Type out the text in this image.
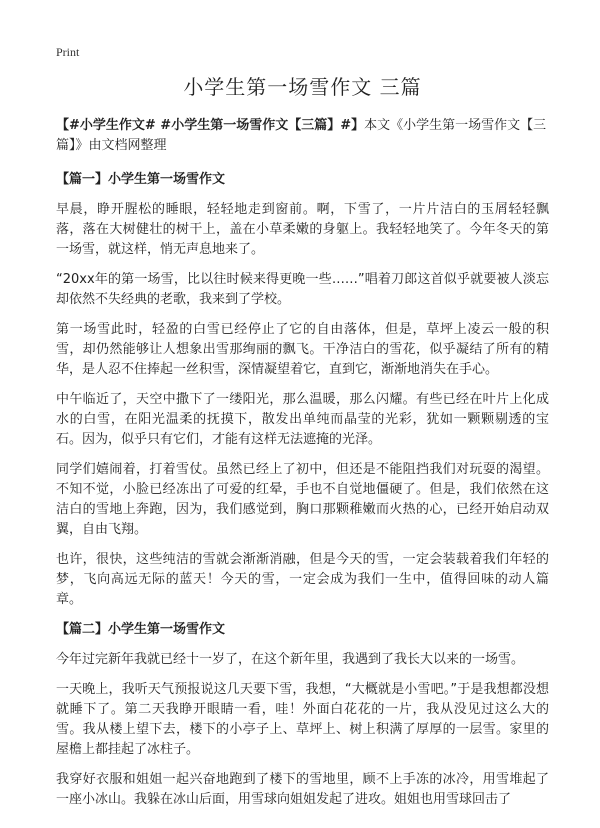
Print
小学生第一场雪作文 三篇
【#小学生作文# #小学生第一场雪作文【三篇】#】本文《小学生第一场雪作文【三篇】》由文档网整理
【篇一】小学生第一场雪作文

早晨，睁开腥松的睡眼，轻轻地走到窗前。啊，下雪了，一片片洁白的玉屑轻轻飘落，落在大树健壮的树干上，盖在小草柔嫩的身躯上。我轻轻地笑了。今年冬天的第一场雪，就这样，悄无声息地来了。

“20xx年的第一场雪，比以往时候来得更晚一些……”唱着刀郎这首似乎就要被人淡忘却依然不失经典的老歌，我来到了学校。

第一场雪此时，轻盈的白雪已经停止了它的自由落体，但是，草坪上凌云一般的积雪，却仍然能够让人想象出雪那绚丽的飘飞。干净洁白的雪花，似乎凝结了所有的精华，是人忍不住捧起一丝积雪，深情凝望着它，直到它，渐渐地消失在手心。

中午临近了，天空中撒下了一缕阳光，那么温暖，那么闪耀。有些已经在叶片上化成水的白雪，在阳光温柔的抚摸下，散发出单纯而晶莹的光彩，犹如一颗颗剔透的宝石。因为，似乎只有它们，才能有这样无法遮掩的光泽。

同学们嬉闹着，打着雪仗。虽然已经上了初中，但还是不能阻挡我们对玩耍的渴望。不知不觉，小脸已经冻出了可爱的红晕，手也不自觉地僵硬了。但是，我们依然在这洁白的雪地上奔跑，因为，我们感觉到，胸口那颗稚嫩而火热的心，已经开始启动双翼，自由飞翔。

也许，很快，这些纯洁的雪就会渐渐消融，但是今天的雪，一定会装载着我们年轻的梦，飞向高远无际的蓝天！今天的雪，一定会成为我们一生中，值得回味的动人篇章。

【篇二】小学生第一场雪作文

今年过完新年我就已经十一岁了，在这个新年里，我遇到了我长大以来的一场雪。

一天晚上，我听天气预报说这几天要下雪，我想，“大概就是小雪吧。”于是我想都没想就睡下了。第二天我睁开眼睛一看，哇！外面白花花的一片，我从没见过这么大的雪。我从楼上望下去，楼下的小亭子上、草坪上、树上积满了厚厚的一层雪。家里的屋檐上都挂起了冰柱子。

我穿好衣服和姐姐一起兴奋地跑到了楼下的雪地里，顾不上手冻的冰冷，用雪堆起了一座小冰山。我躲在冰山后面，用雪球向姐姐发起了进攻。姐姐也用雪球回击了
